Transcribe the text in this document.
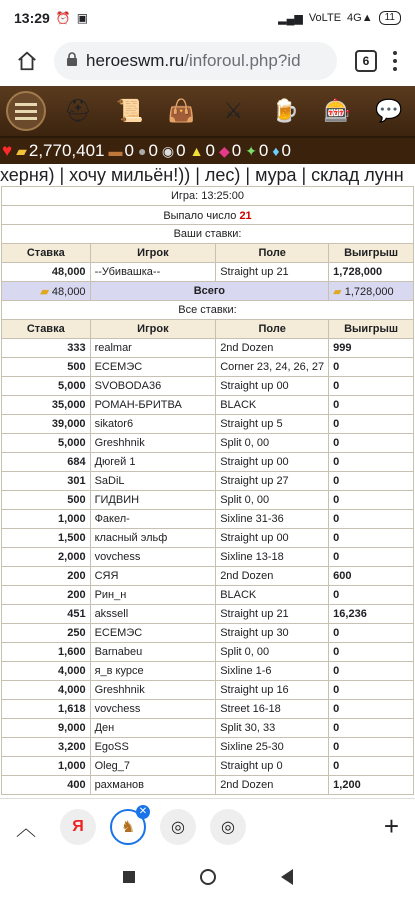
13:29 ⏰ ▣	▂▄▆ VoLTE 4G▲	11
heroeswm.ru /inforoul.php?id	6
⛑ 📜 👜	⚔	🍺 🎰 💬
♥ ▰ 2,770,401 ▬ 0 ● 0 ◉ 0 ▲ 0 ◆ 0 ✦ 0 ♦ 0
херня) | хочу мильён!)) | лес) | мура | склад лунн
Игра: 13:25:00			
Выпало число 21			
Ваши ставки:			
Ставка	Игрок	Поле	Выигрыш
48,000	--Убивашка--	Straight up 21	1,728,000
▰ 48,000	Всего		▰ 1,728,000
Все ставки:			
Ставка	Игрок	Поле	Выигрыш
333	realmar	2nd Dozen	999
500	ЕСЕМЭС	Corner 23, 24, 26, 27	0
5,000	SVOBODA36	Straight up 00	0
35,000	РОМАН-БРИТВА	BLACK	0
39,000	sikator6	Straight up 5	0
5,000	Greshhnik	Split 0, 00	0
684	Дюгей 1	Straight up 00	0
301	SaDiL	Straight up 27	0
500	ГИДВИН	Split 0, 00	0
1,000	Факел-	Sixline 31-36	0
1,500	класный эльф	Straight up 00	0
2,000	vovchess	Sixline 13-18	0
200	СЯЯ	2nd Dozen	600
200	Рин_н	BLACK	0
451	akssell	Straight up 21	16,236
250	ЕСЕМЭС	Straight up 30	0
1,600	Barnabeu	Split 0, 00	0
4,000	я_в курсе	Sixline 1-6	0
4,000	Greshhnik	Straight up 16	0
1,618	vovchess	Street 16-18	0
9,000	Ден	Split 30, 33	0
3,200	EgoSS	Sixline 25-30	0
1,000	Oleg_7	Straight up 0	0
400	рахманов	2nd Dozen	1,200
︿	Я ♞
✕
◎ ◎	+
